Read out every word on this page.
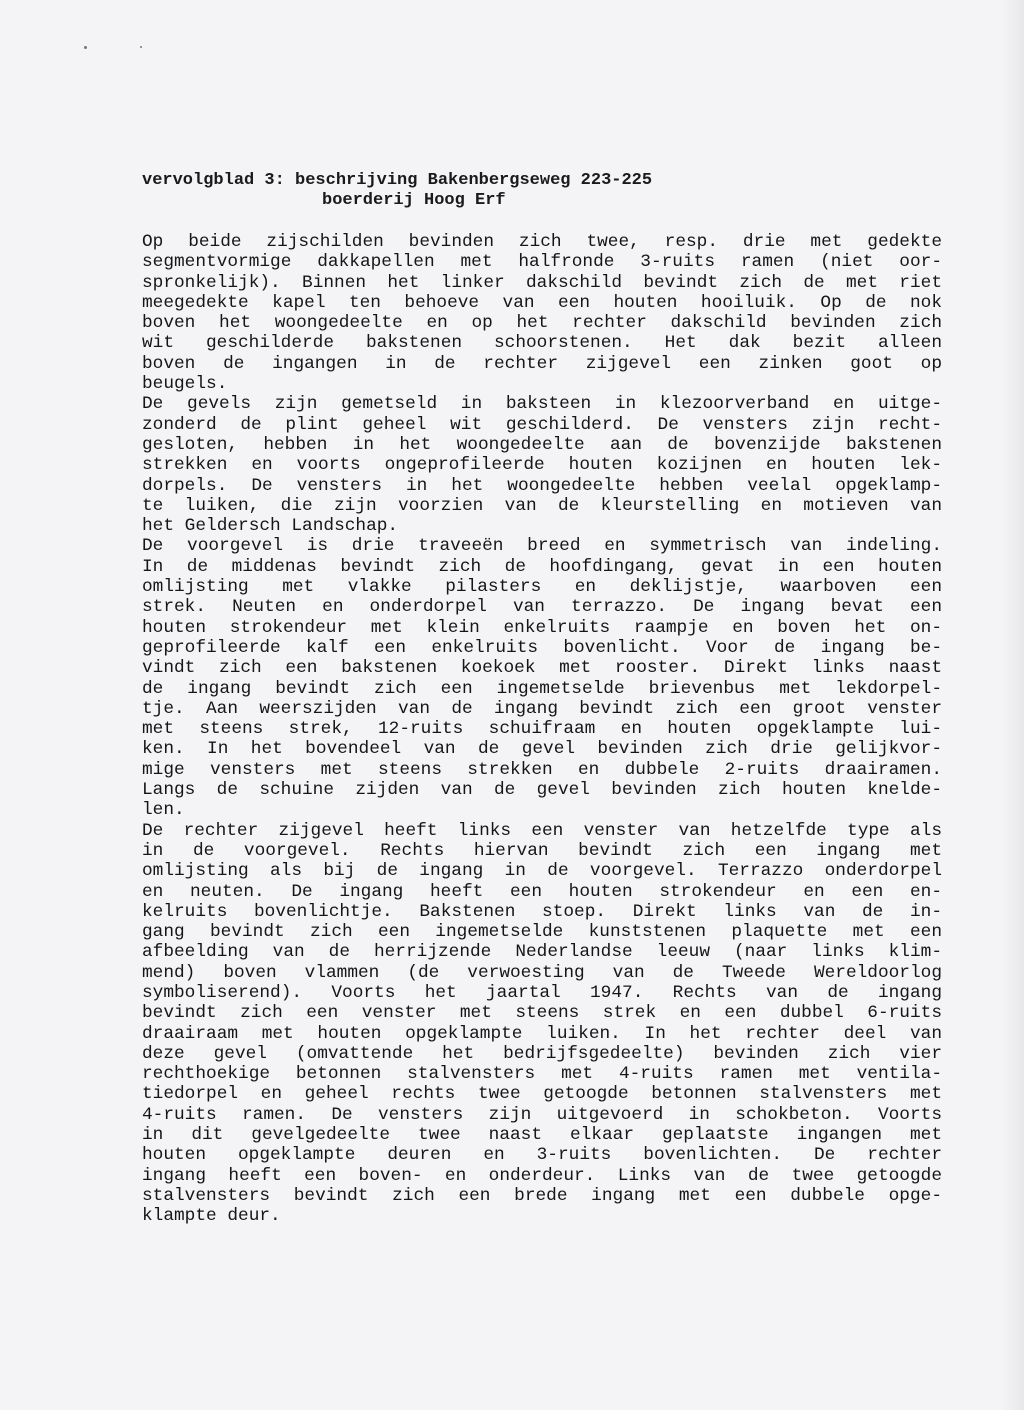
vervolgblad 3: beschrijving Bakenbergseweg 223-225

boerderij Hoog Erf
Op beide zijschilden bevinden zich twee, resp. drie met gedekte
segmentvormige dakkapellen met halfronde 3-ruits ramen (niet oor-
spronkelijk). Binnen het linker dakschild bevindt zich de met riet
meegedekte kapel ten behoeve van een houten hooiluik. Op de nok
boven het woongedeelte en op het rechter dakschild bevinden zich
wit geschilderde bakstenen schoorstenen. Het dak bezit alleen
boven de ingangen in de rechter zijgevel een zinken goot op
beugels.
De gevels zijn gemetseld in baksteen in klezoorverband en uitge-
zonderd de plint geheel wit geschilderd. De vensters zijn recht-
gesloten, hebben in het woongedeelte aan de bovenzijde bakstenen
strekken en voorts ongeprofileerde houten kozijnen en houten lek-
dorpels. De vensters in het woongedeelte hebben veelal opgeklamp-
te luiken, die zijn voorzien van de kleurstelling en motieven van
het Geldersch Landschap.
De voorgevel is drie traveeën breed en symmetrisch van indeling.
In de middenas bevindt zich de hoofdingang, gevat in een houten
omlijsting met vlakke pilasters en deklijstje, waarboven een
strek. Neuten en onderdorpel van terrazzo. De ingang bevat een
houten strokendeur met klein enkelruits raampje en boven het on-
geprofileerde kalf een enkelruits bovenlicht. Voor de ingang be-
vindt zich een bakstenen koekoek met rooster. Direkt links naast
de ingang bevindt zich een ingemetselde brievenbus met lekdorpel-
tje. Aan weerszijden van de ingang bevindt zich een groot venster
met steens strek, 12-ruits schuifraam en houten opgeklampte lui-
ken. In het bovendeel van de gevel bevinden zich drie gelijkvor-
mige vensters met steens strekken en dubbele 2-ruits draairamen.
Langs de schuine zijden van de gevel bevinden zich houten knelde-
len.
De rechter zijgevel heeft links een venster van hetzelfde type als
in de voorgevel. Rechts hiervan bevindt zich een ingang met
omlijsting als bij de ingang in de voorgevel. Terrazzo onderdorpel
en neuten. De ingang heeft een houten strokendeur en een en-
kelruits bovenlichtje. Bakstenen stoep. Direkt links van de in-
gang bevindt zich een ingemetselde kunststenen plaquette met een
afbeelding van de herrijzende Nederlandse leeuw (naar links klim-
mend) boven vlammen (de verwoesting van de Tweede Wereldoorlog
symboliserend). Voorts het jaartal 1947. Rechts van de ingang
bevindt zich een venster met steens strek en een dubbel 6-ruits
draairaam met houten opgeklampte luiken. In het rechter deel van
deze gevel (omvattende het bedrijfsgedeelte) bevinden zich vier
rechthoekige betonnen stalvensters met 4-ruits ramen met ventila-
tiedorpel en geheel rechts twee getoogde betonnen stalvensters met
4-ruits ramen. De vensters zijn uitgevoerd in schokbeton. Voorts
in dit gevelgedeelte twee naast elkaar geplaatste ingangen met
houten opgeklampte deuren en 3-ruits bovenlichten. De rechter
ingang heeft een boven- en onderdeur. Links van de twee getoogde
stalvensters bevindt zich een brede ingang met een dubbele opge-
klampte deur.
